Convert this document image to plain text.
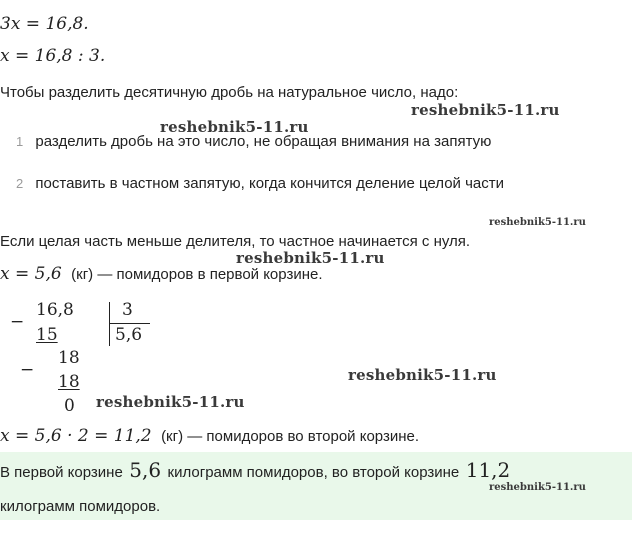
3x = 16,8.
x = 16,8 : 3.
Чтобы разделить десятичную дробь на натуральное число, надо:
reshebnik5-11.ru
reshebnik5-11.ru
1 разделить дробь на это число, не обращая внимания на запятую
2 поставить в частном запятую, когда кончится деление целой части
reshebnik5-11.ru
Если целая часть меньше делителя, то частное начинается с нуля.
reshebnik5-11.ru
x = 5,6 (кг) — помидоров в первой корзине.
−
16,8	3
15	5,6
18
−
18
0
reshebnik5-11.ru
reshebnik5-11.ru
x = 5,6 · 2 = 11,2 (кг) — помидоров во второй корзине.
В первой корзине 5,6 килограмм помидоров, во второй корзине 11,2
килограмм помидоров.
reshebnik5-11.ru
